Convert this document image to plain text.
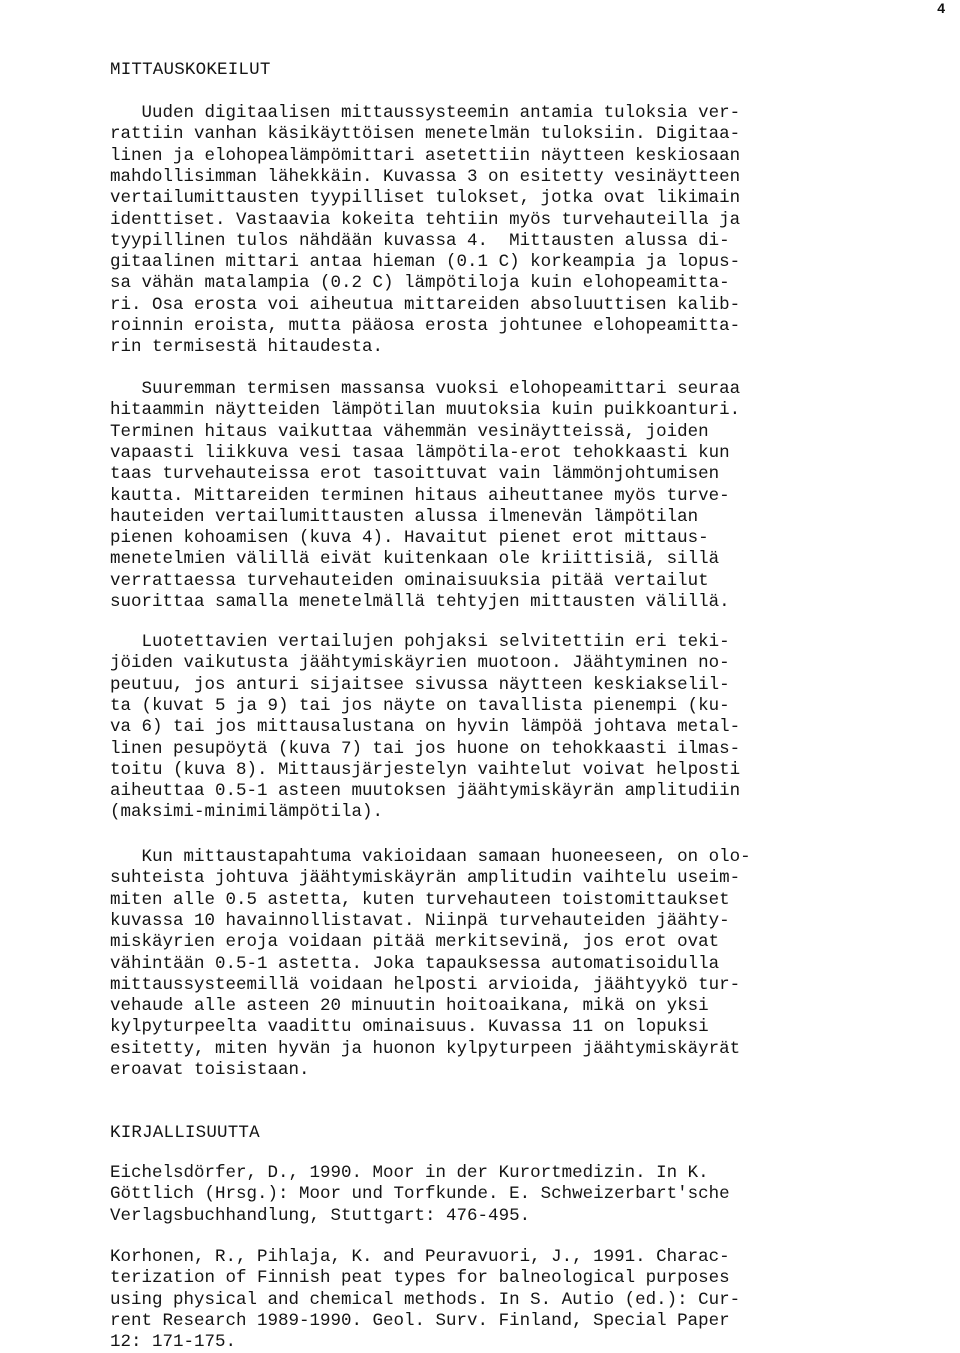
4
MITTAUSKOKEILUT
Uuden digitaalisen mittaussysteemin antamia tuloksia ver-
rattiin vanhan käsikäyttöisen menetelmän tuloksiin. Digitaa-
linen ja elohopealämpömittari asetettiin näytteen keskiosaan
mahdollisimman lähekkäin. Kuvassa 3 on esitetty vesinäytteen
vertailumittausten tyypilliset tulokset, jotka ovat likimain
identtiset. Vastaavia kokeita tehtiin myös turvehauteilla ja
tyypillinen tulos nähdään kuvassa 4.  Mittausten alussa di-
gitaalinen mittari antaa hieman (0.1 C) korkeampia ja lopus-
sa vähän matalampia (0.2 C) lämpötiloja kuin elohopeamitta-
ri. Osa erosta voi aiheutua mittareiden absoluuttisen kalib-
roinnin eroista, mutta pääosa erosta johtunee elohopeamitta-
rin termisestä hitaudesta.
Suuremman termisen massansa vuoksi elohopeamittari seuraa
hitaammin näytteiden lämpötilan muutoksia kuin puikkoanturi.
Terminen hitaus vaikuttaa vähemmän vesinäytteissä, joiden
vapaasti liikkuva vesi tasaa lämpötila-erot tehokkaasti kun
taas turvehauteissa erot tasoittuvat vain lämmönjohtumisen
kautta. Mittareiden terminen hitaus aiheuttanee myös turve-
hauteiden vertailumittausten alussa ilmenevän lämpötilan
pienen kohoamisen (kuva 4). Havaitut pienet erot mittaus-
menetelmien välillä eivät kuitenkaan ole kriittisiä, sillä
verrattaessa turvehauteiden ominaisuuksia pitää vertailut
suorittaa samalla menetelmällä tehtyjen mittausten välillä.
Luotettavien vertailujen pohjaksi selvitettiin eri teki-
jöiden vaikutusta jäähtymiskäyrien muotoon. Jäähtyminen no-
peutuu, jos anturi sijaitsee sivussa näytteen keskiakselil-
ta (kuvat 5 ja 9) tai jos näyte on tavallista pienempi (ku-
va 6) tai jos mittausalustana on hyvin lämpöä johtava metal-
linen pesupöytä (kuva 7) tai jos huone on tehokkaasti ilmas-
toitu (kuva 8). Mittausjärjestelyn vaihtelut voivat helposti
aiheuttaa 0.5-1 asteen muutoksen jäähtymiskäyrän amplitudiin
(maksimi-minimilämpötila).
Kun mittaustapahtuma vakioidaan samaan huoneeseen, on olo-
suhteista johtuva jäähtymiskäyrän amplitudin vaihtelu useim-
miten alle 0.5 astetta, kuten turvehauteen toistomittaukset
kuvassa 10 havainnollistavat. Niinpä turvehauteiden jäähty-
miskäyrien eroja voidaan pitää merkitsevinä, jos erot ovat
vähintään 0.5-1 astetta. Joka tapauksessa automatisoidulla
mittaussysteemillä voidaan helposti arvioida, jäähtyykö tur-
vehaude alle asteen 20 minuutin hoitoaikana, mikä on yksi
kylpyturpeelta vaadittu ominaisuus. Kuvassa 11 on lopuksi
esitetty, miten hyvän ja huonon kylpyturpeen jäähtymiskäyrät
eroavat toisistaan.
KIRJALLISUUTTA
Eichelsdörfer, D., 1990. Moor in der Kurortmedizin. In K.
Göttlich (Hrsg.): Moor und Torfkunde. E. Schweizerbart'sche
Verlagsbuchhandlung, Stuttgart: 476-495.
Korhonen, R., Pihlaja, K. and Peuravuori, J., 1991. Charac-
terization of Finnish peat types for balneological purposes
using physical and chemical methods. In S. Autio (ed.): Cur-
rent Research 1989-1990. Geol. Surv. Finland, Special Paper
12: 171-175.
